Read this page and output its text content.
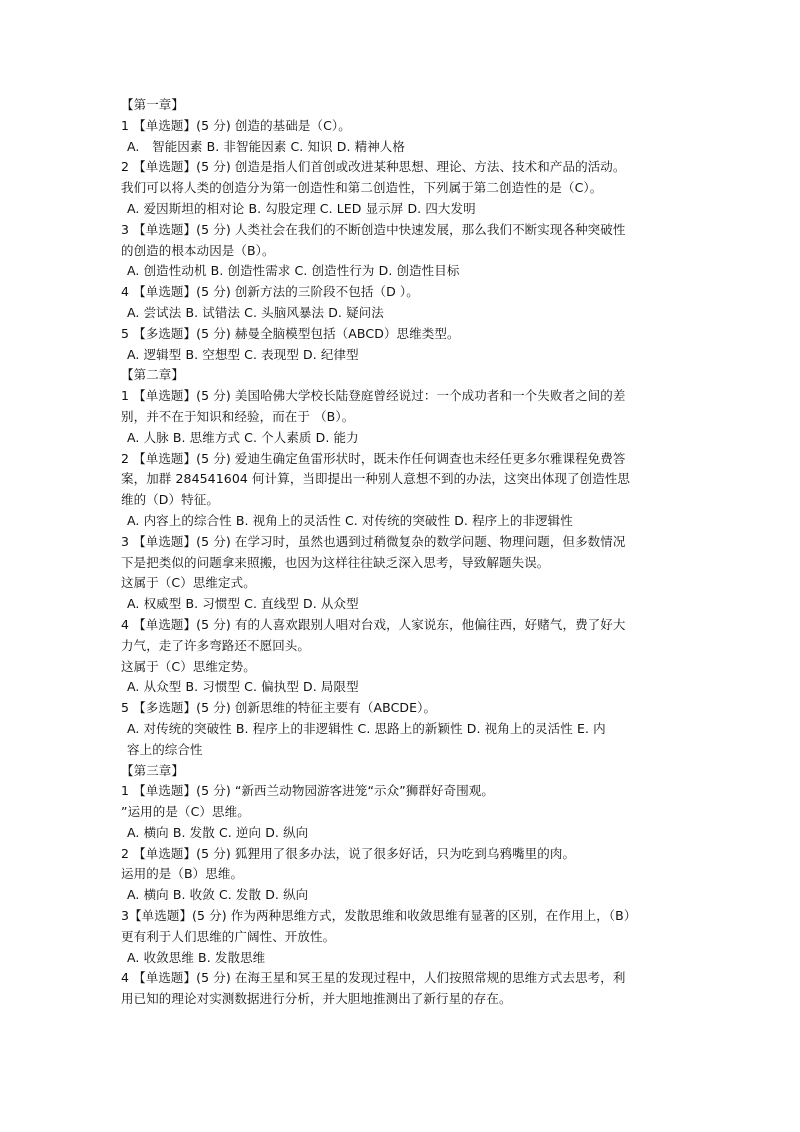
【第一章】
1 【单选题】(5 分) 创造的基础是（C）。
A.　智能因素 B. 非智能因素 C. 知识 D. 精神人格
2 【单选题】(5 分) 创造是指人们首创或改进某种思想、理论、方法、技术和产品的活动。
我们可以将人类的创造分为第一创造性和第二创造性，下列属于第二创造性的是（C）。
A. 爱因斯坦的相对论 B. 勾股定理 C. LED 显示屏 D. 四大发明
3 【单选题】(5 分) 人类社会在我们的不断创造中快速发展，那么我们不断实现各种突破性
的创造的根本动因是（B）。
A. 创造性动机 B. 创造性需求 C. 创造性行为 D. 创造性目标
4 【单选题】(5 分) 创新方法的三阶段不包括（D ）。
A. 尝试法 B. 试错法 C. 头脑风暴法 D. 疑问法
5 【多选题】(5 分) 赫曼全脑模型包括（ABCD）思维类型。
A. 逻辑型 B. 空想型 C. 表现型 D. 纪律型
【第二章】
1 【单选题】(5 分) 美国哈佛大学校长陆登庭曾经说过：一个成功者和一个失败者之间的差
别，并不在于知识和经验，而在于 （B）。
A. 人脉 B. 思维方式 C. 个人素质 D. 能力
2 【单选题】(5 分) 爱迪生确定鱼雷形状时，既未作任何调查也未经任更多尔雅课程免费答
案，加群 284541604 何计算，当即提出一种别人意想不到的办法，这突出体现了创造性思
维的（D）特征。
A. 内容上的综合性 B. 视角上的灵活性 C. 对传统的突破性 D. 程序上的非逻辑性
3 【单选题】(5 分) 在学习时，虽然也遇到过稍微复杂的数学问题、物理问题，但多数情况
下是把类似的问题拿来照搬，也因为这样往往缺乏深入思考，导致解题失误。
这属于（C）思维定式。
A. 权威型 B. 习惯型 C. 直线型 D. 从众型
4 【单选题】(5 分) 有的人喜欢跟别人唱对台戏，人家说东，他偏往西，好赌气，费了好大
力气，走了许多弯路还不愿回头。
这属于（C）思维定势。
A. 从众型 B. 习惯型 C. 偏执型 D. 局限型
5 【多选题】(5 分) 创新思维的特征主要有（ABCDE）。
A. 对传统的突破性 B. 程序上的非逻辑性 C. 思路上的新颖性 D. 视角上的灵活性 E. 内
容上的综合性
【第三章】
1 【单选题】(5 分) “新西兰动物园游客进笼“示众”狮群好奇围观。
”运用的是（C）思维。
A. 横向 B. 发散 C. 逆向 D. 纵向
2 【单选题】(5 分) 狐狸用了很多办法，说了很多好话，只为吃到乌鸦嘴里的肉。
运用的是（B）思维。
A. 横向 B. 收敛 C. 发散 D. 纵向
3【单选题】(5 分) 作为两种思维方式，发散思维和收敛思维有显著的区别，在作用上，（B）
更有利于人们思维的广阔性、开放性。
A. 收敛思维 B. 发散思维
4 【单选题】(5 分) 在海王星和冥王星的发现过程中，人们按照常规的思维方式去思考，利
用已知的理论对实测数据进行分析，并大胆地推测出了新行星的存在。
